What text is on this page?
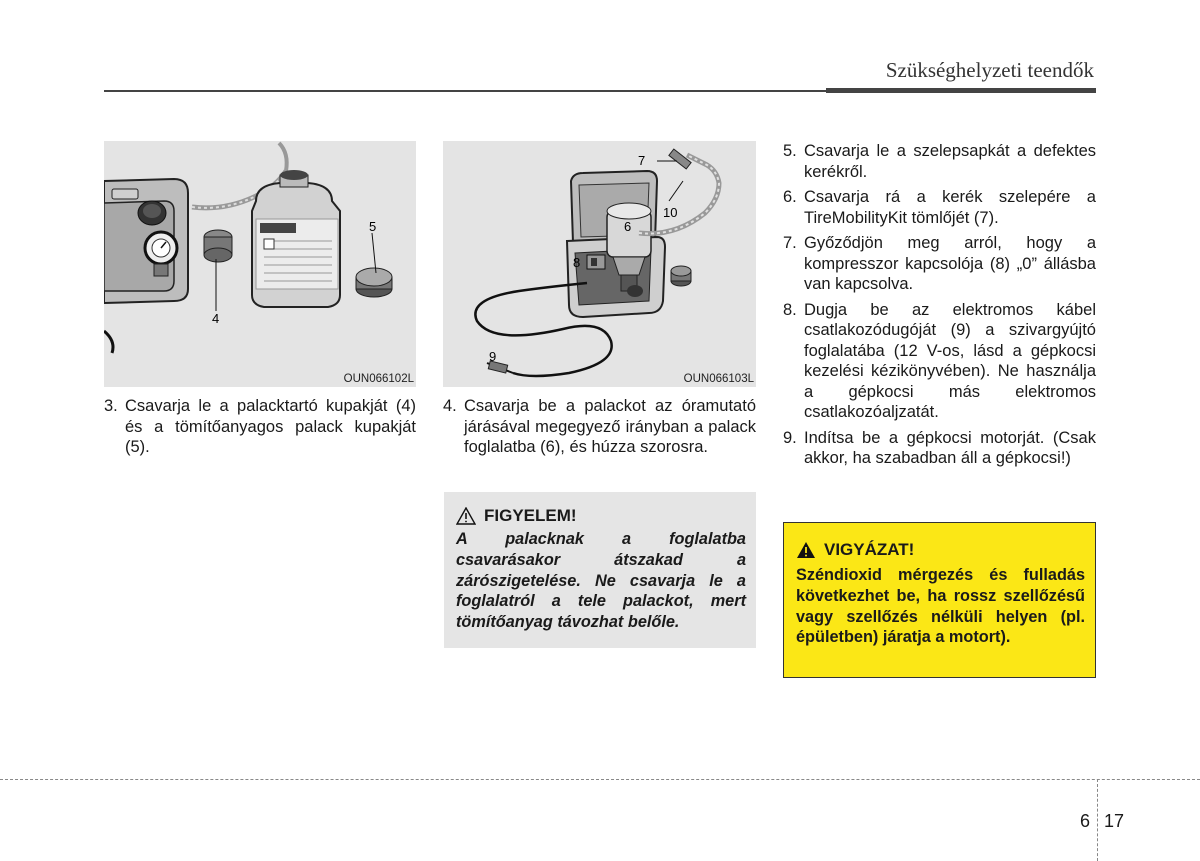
Szükséghelyzeti teendők
5
4
OUN066102L
7
10
6
8
9
OUN066103L
3. Csavarja le a palacktartó kupakját (4) és a tömítőanyagos palack kupakját (5).
4. Csavarja be a palackot az óramutató járásával megegyező irányban a palack foglalatba (6), és húzza szorosra.
FIGYELEM!
A palacknak a foglalatba csavarásakor átszakad a zárószigetelése. Ne csavarja le a foglalatról a tele palackot, mert tömítőanyag távozhat belőle.
5. Csavarja le a szelepsapkát a defektes kerékről.
6. Csavarja rá a kerék szelepére a TireMobilityKit tömlőjét (7).
7. Győződjön meg arról, hogy a kompresszor kapcsolója (8) „0” állásba van kapcsolva.
8. Dugja be az elektromos kábel csatlakozódugóját (9) a szivargyújtó foglalatába (12 V-os, lásd a gépkocsi kezelési kézikönyvében). Ne használja a gépkocsi más elektromos csatlakozóaljzatát.
9. Indítsa be a gépkocsi motorját. (Csak akkor, ha szabadban áll a gépkocsi!)
VIGYÁZAT!
Széndioxid mérgezés és fulladás következhet be, ha rossz szellőzésű vagy szellőzés nélküli helyen (pl. épületben) járatja a motort).
6 17
